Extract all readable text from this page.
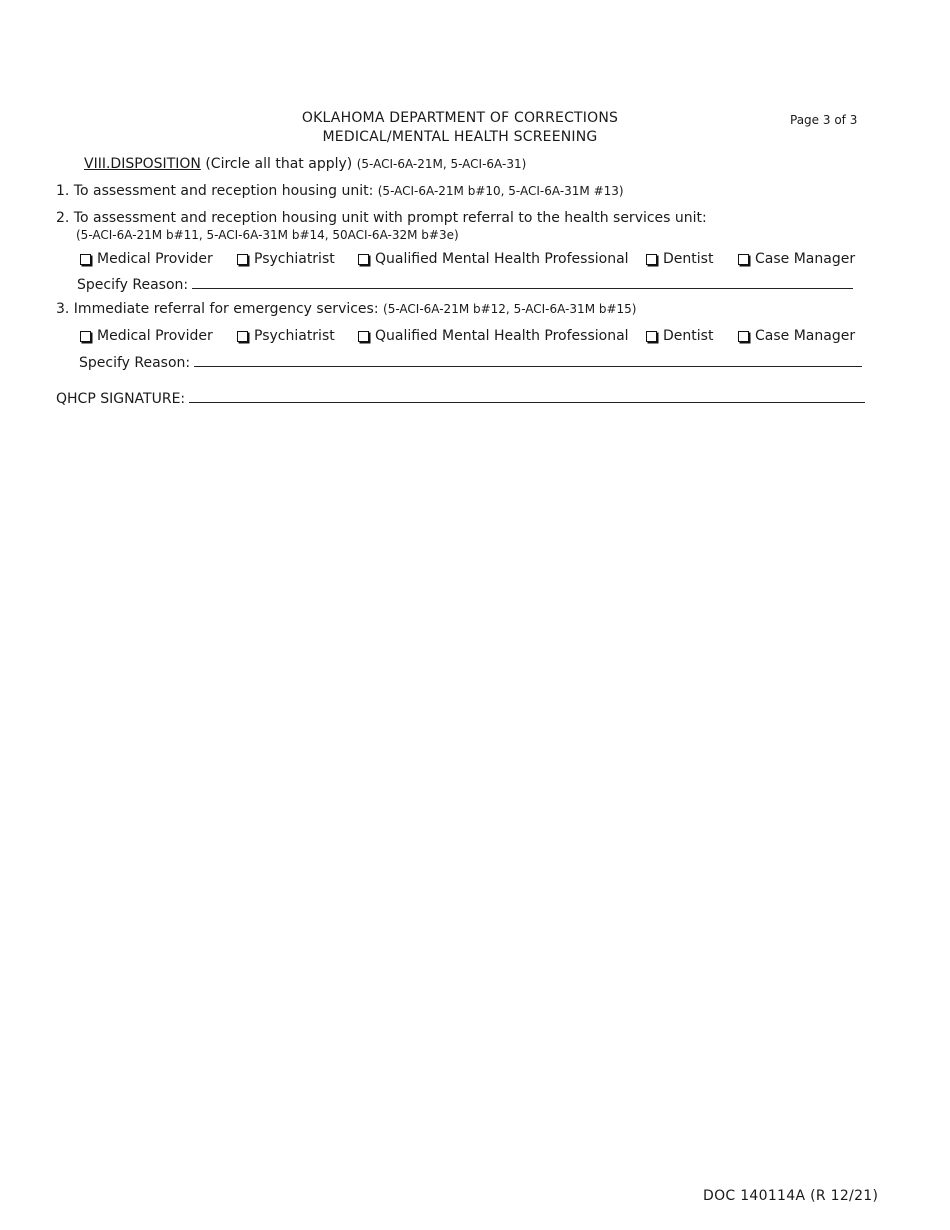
OKLAHOMA DEPARTMENT OF CORRECTIONS
MEDICAL/MENTAL HEALTH SCREENING
Page 3 of 3
VIII.DISPOSITION (Circle all that apply) (5-ACI-6A-21M, 5-ACI-6A-31)
1. To assessment and reception housing unit: (5-ACI-6A-21M b#10, 5-ACI-6A-31M #13)
2. To assessment and reception housing unit with prompt referral to the health services unit:
(5-ACI-6A-21M b#11, 5-ACI-6A-31M b#14, 50ACI-6A-32M b#3e)
Medical Provider	Psychiatrist	Qualified Mental Health Professional Dentist	Case Manager
Specify Reason:
3. Immediate referral for emergency services: (5-ACI-6A-21M b#12, 5-ACI-6A-31M b#15)
Medical Provider	Psychiatrist	Qualified Mental Health Professional Dentist	Case Manager
Specify Reason:
QHCP SIGNATURE:
DOC 140114A (R 12/21)
